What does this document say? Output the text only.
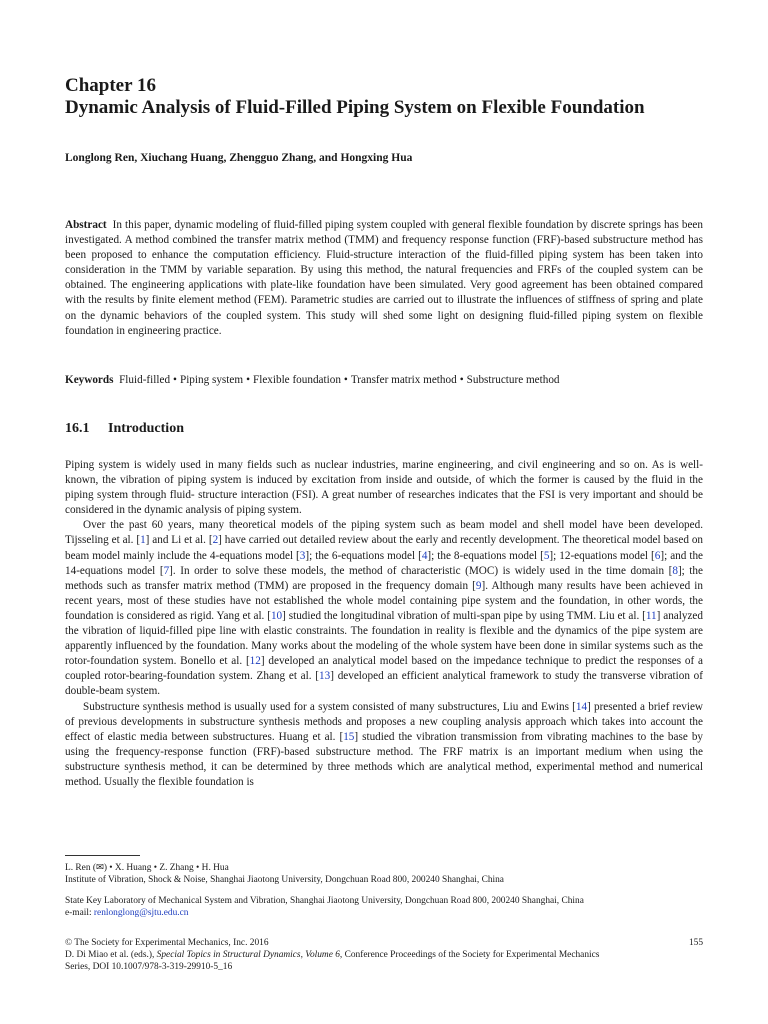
Chapter 16
Dynamic Analysis of Fluid-Filled Piping System on Flexible Foundation
Longlong Ren, Xiuchang Huang, Zhengguo Zhang, and Hongxing Hua

Abstract In this paper, dynamic modeling of fluid-filled piping system coupled with general flexible foundation by discrete springs has been investigated. A method combined the transfer matrix method (TMM) and frequency response function (FRF)-based substructure method has been proposed to enhance the computation efficiency. Fluid-structure interaction of the fluid-filled piping system has been taken into consideration in the TMM by variable separation. By using this method, the natural frequencies and FRFs of the coupled system can be obtained. The engineering applications with plate-like foundation have been simulated. Very good agreement has been obtained compared with the results by finite element method (FEM). Parametric studies are carried out to illustrate the influences of stiffness of spring and plate on the dynamic behaviors of the coupled system. This study will shed some light on designing fluid-filled piping system on flexible foundation in engineering practice.

Keywords Fluid-filled • Piping system • Flexible foundation • Transfer matrix method • Substructure method

16.1 Introduction

Piping system is widely used in many fields such as nuclear industries, marine engineering, and civil engineering and so on. As is well-known, the vibration of piping system is induced by excitation from inside and outside, of which the former is caused by the fluid in the piping system through fluid- structure interaction (FSI). A great number of researches indicates that the FSI is very important and should be considered in the dynamic analysis of piping system.

Over the past 60 years, many theoretical models of the piping system such as beam model and shell model have been developed. Tijsseling et al. [1] and Li et al. [2] have carried out detailed review about the early and recently development. The theoretical model based on beam model mainly include the 4-equations model [3]; the 6-equations model [4]; the 8-equations model [5]; 12-equations model [6]; and the 14-equations model [7]. In order to solve these models, the method of characteristic (MOC) is widely used in the time domain [8]; the methods such as transfer matrix method (TMM) are proposed in the frequency domain [9]. Although many results have been achieved in recent years, most of these studies have not established the whole model containing pipe system and the foundation, in other words, the foundation is considered as rigid. Yang et al. [10] studied the longitudinal vibration of multi-span pipe by using TMM. Liu et al. [11] analyzed the vibration of liquid-filled pipe line with elastic constraints. The foundation in reality is flexible and the dynamics of the pipe system are apparently influenced by the foundation. Many works about the modeling of the whole system have been done in similar systems such as the rotor-foundation system. Bonello et al. [12] developed an analytical model based on the impedance technique to predict the responses of a coupled rotor-bearing-foundation system. Zhang et al. [13] developed an efficient analytical framework to study the transverse vibration of double-beam system.

Substructure synthesis method is usually used for a system consisted of many substructures, Liu and Ewins [14] presented a brief review of previous developments in substructure synthesis methods and proposes a new coupling analysis approach which takes into account the effect of elastic media between substructures. Huang et al. [15] studied the vibration transmission from vibrating machines to the base by using the frequency-response function (FRF)-based substructure method. The FRF matrix is an important medium when using the substructure synthesis method, it can be determined by three methods which are analytical method, experimental method and numerical method. Usually the flexible foundation is

L. Ren (✉) • X. Huang • Z. Zhang • H. Hua

Institute of Vibration, Shock & Noise, Shanghai Jiaotong University, Dongchuan Road 800, 200240 Shanghai, China

State Key Laboratory of Mechanical System and Vibration, Shanghai Jiaotong University, Dongchuan Road 800, 200240 Shanghai, China

e-mail: renlonglong@sjtu.edu.cn

© The Society for Experimental Mechanics, Inc. 2016

D. Di Miao et al. (eds.), Special Topics in Structural Dynamics, Volume 6, Conference Proceedings of the Society for Experimental Mechanics Series, DOI 10.1007/978-3-319-29910-5_16

155
